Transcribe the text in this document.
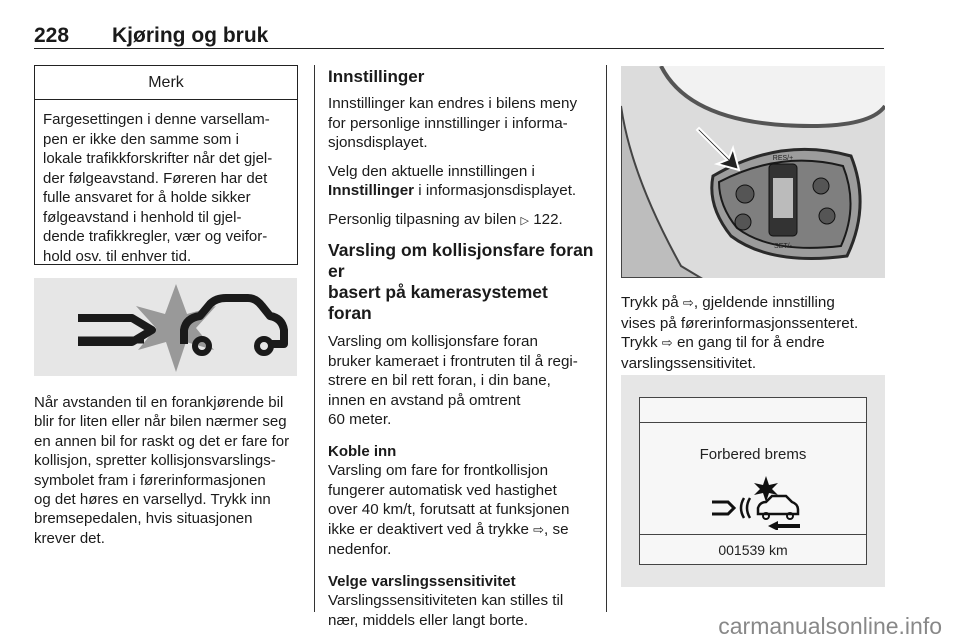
228 Kjøring og bruk
Merk
Fargesettingen i denne varsellam-
pen er ikke den samme som i
lokale trafikkforskrifter når det gjel-
der følgeavstand. Føreren har det
fulle ansvaret for å holde sikker
følgeavstand i henhold til gjel-
dende trafikkregler, vær og veifor-
hold osv. til enhver tid.
Når avstanden til en forankjørende bil
blir for liten eller når bilen nærmer seg
en annen bil for raskt og det er fare for
kollisjon, spretter kollisjonsvarslings-
symbolet fram i førerinformasjonen
og det høres en varsellyd. Trykk inn
bremsepedalen, hvis situasjonen
krever det.
Innstillinger

Innstillinger kan endres i bilens meny
for personlige innstillinger i informa-
sjonsdisplayet.

Velg den aktuelle innstillingen i
Innstillinger i informasjonsdisplayet.

Personlig tilpasning av bilen ▷ 122.

Varsling om kollisjonsfare foran er
basert på kamerasystemet foran

Varsling om kollisjonsfare foran
bruker kameraet i frontruten til å regi-
strere en bil rett foran, i din bane,
innen en avstand på omtrent
60 meter.

Koble inn
Varsling om fare for frontkollisjon
fungerer automatisk ved hastighet
over 40 km/t, forutsatt at funksjonen
ikke er deaktivert ved å trykke ⇨, se
nedenfor.

Velge varslingssensitivitet
Varslingssensitiviteten kan stilles til
nær, middels eller langt borte.

RES/+
SET/-
Trykk på ⇨, gjeldende innstilling
vises på førerinformasjonssenteret.
Trykk ⇨ en gang til for å endre
varslingssensitivitet.
Forbered brems
001539 km
carmanualsonline.info
